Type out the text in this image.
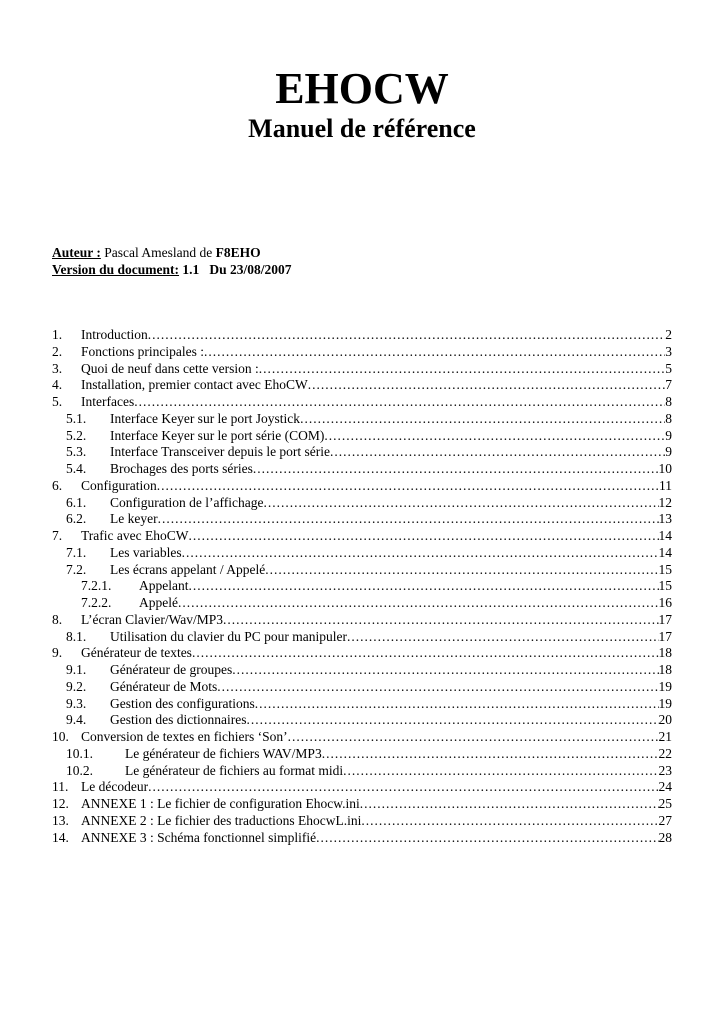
EHOCW
Manuel de référence
Auteur : Pascal Amesland de F8EHO
Version du document: 1.1 Du 23/08/2007
1. Introduction .....	2
2. Fonctions principales : .....	3
3. Quoi de neuf dans cette version : .....	5
4. Installation, premier contact avec EhoCW .....	7
5. Interfaces .....	8
5.1. Interface Keyer sur le port Joystick .....	8
5.2. Interface Keyer sur le port série (COM) .....	9
5.3. Interface Transceiver depuis le port série .....	9
5.4. Brochages des ports séries .....	10
6. Configuration .....	11
6.1. Configuration de l’affichage .....	12
6.2. Le keyer .....	13
7. Trafic avec EhoCW .....	14
7.1. Les variables .....	14
7.2. Les écrans appelant / Appelé .....	15
7.2.1. Appelant .....	15
7.2.2. Appelé .....	16
8. L’écran Clavier/Wav/MP3 .....	17
8.1. Utilisation du clavier du PC pour manipuler .....	17
9. Générateur de textes .....	18
9.1. Générateur de groupes .....	18
9.2. Générateur de Mots .....	19
9.3. Gestion des configurations .....	19
9.4. Gestion des dictionnaires .....	20
10. Conversion de textes en fichiers ‘Son’ .....	21
10.1. Le générateur de fichiers WAV/MP3 .....	22
10.2. Le générateur de fichiers au format midi .....	23
11. Le décodeur .....	24
12. ANNEXE 1 : Le fichier de configuration Ehocw.ini .....	25
13. ANNEXE 2 : Le fichier des traductions EhocwL.ini .....	27
14. ANNEXE 3 : Schéma fonctionnel simplifié .....	28
